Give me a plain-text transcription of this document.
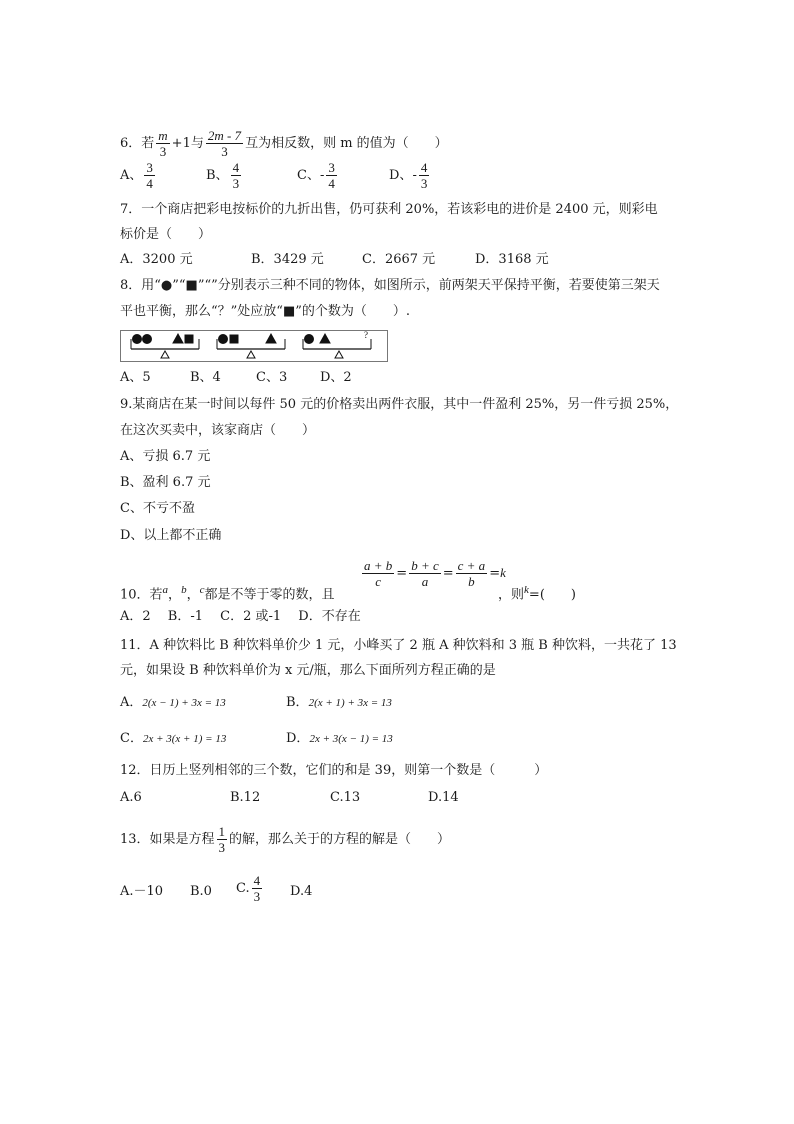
6．若 $\frac{m}{3} +1$与 $\frac{2m - 7}{3}$ 互为相反数，则 m 的值为（　　）
A、 $\frac{3}{4}$	B、 $\frac{4}{3}$	C、- $\frac{3}{4}$	D、- $\frac{4}{3}$
7．一个商店把彩电按标价的九折出售，仍可获利 20%，若该彩电的进价是 2400 元，则彩电
标价是（　　）
A．3200 元	B．3429 元	C．2667 元	D．3168 元
8．用“●”“■”“”分别表示三种不同的物体，如图所示，前两架天平保持平衡，若要使第三架天
平也平衡，那么“？”处应放“■”的个数为（　　）.
?
A、5	B、4	C、3	D、2
9.某商店在某一时间以每件 50 元的价格卖出两件衣服，其中一件盈利 25%，另一件亏损 25%，
在这次买卖中，该家商店（　　）
A、亏损 6.7 元
B、盈利 6.7 元
C、不亏不盈
D、以上都不正确
10．若$^a$，$^b$，$^c$都是不等于零的数，且
$\frac{a + b}{c} = \frac{b + c}{a} = \frac{c + a}{b} =k$
，则$^k$=(　　)
A．2　 B．-1　 C．2 或-1　 D．不存在
11．A 种饮料比 B 种饮料单价少 1 元，小峰买了 2 瓶 A 种饮料和 3 瓶 B 种饮料，一共花了 13
元，如果设 B 种饮料单价为 x 元/瓶，那么下面所列方程正确的是
A．2(x − 1) + 3x = 13	B．2(x + 1) + 3x = 13
C．2x + 3(x + 1) = 13	D．2x + 3(x − 1) = 13
12．日历上竖列相邻的三个数，它们的和是 39，则第一个数是（　　　）
A.6	B.12	C.13	D.14
13．如果是方程 $\frac{1}{3}$ 的解，那么关于的方程的解是（　　）
A.－10 B.0 C. $\frac{4}{3} D.4$
